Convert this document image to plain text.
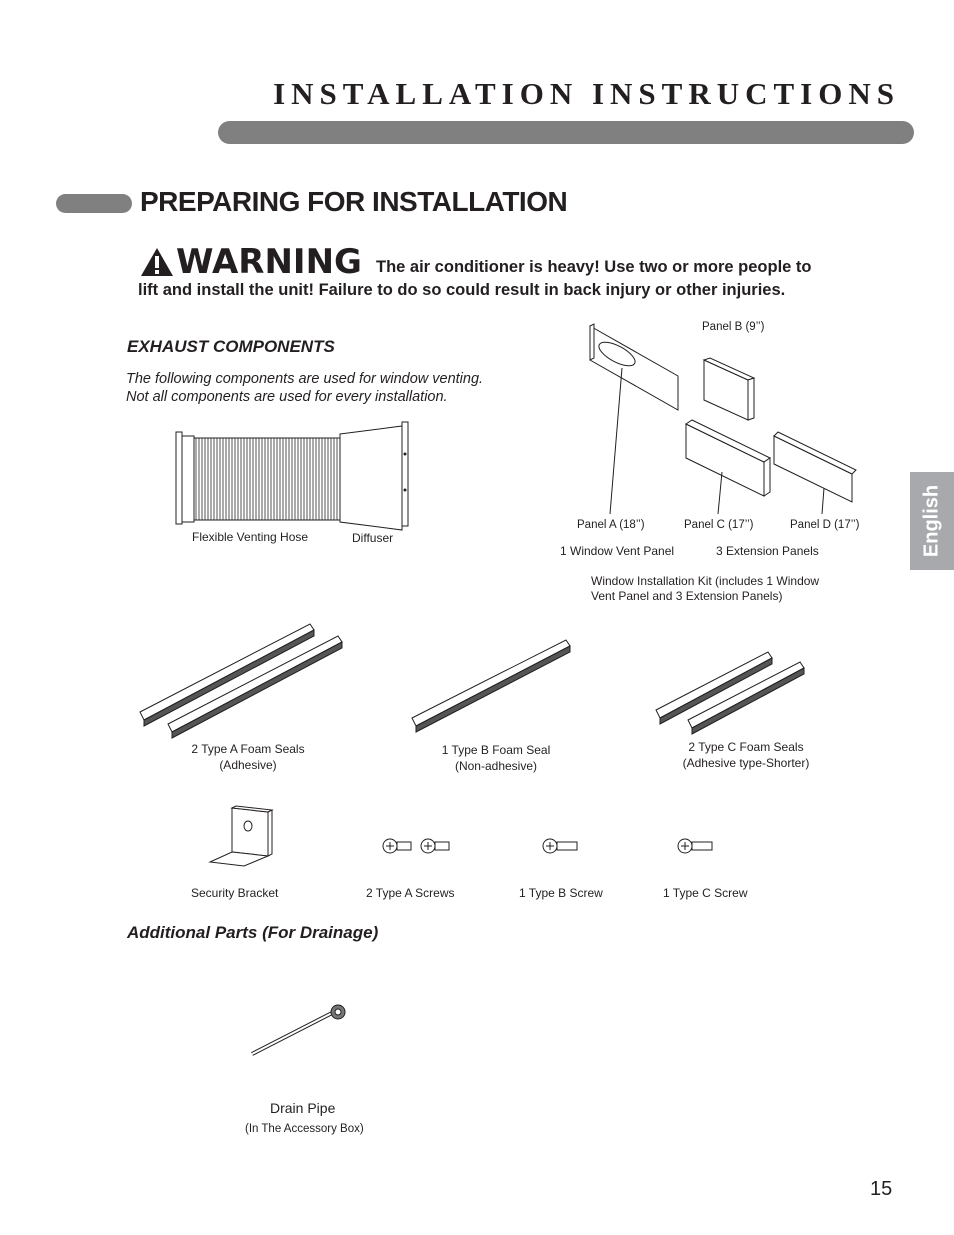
INSTALLATION INSTRUCTIONS
PREPARING FOR INSTALLATION
WARNING The air conditioner is heavy! Use two or more people to
lift and install the unit! Failure to do so could result in back injury or other injuries.
EXHAUST COMPONENTS
The following components are used for window venting.
Not all components are used for every installation.
Flexible Venting Hose	Diffuser
Panel B (9’’)
Panel A (18’’)	Panel C (17’’)	Panel D (17’’)
1 Window Vent Panel	3 Extension Panels
Window Installation Kit (includes 1 Window
Vent Panel and 3 Extension Panels)
2 Type A Foam Seals
(Adhesive)
1 Type B Foam Seal
(Non-adhesive)
2 Type C Foam Seals
(Adhesive type-Shorter)
Security Bracket	2 Type A Screws	1 Type B Screw	1 Type C Screw
Additional Parts (For Drainage)
Drain Pipe
(In The Accessory Box)
English
15
